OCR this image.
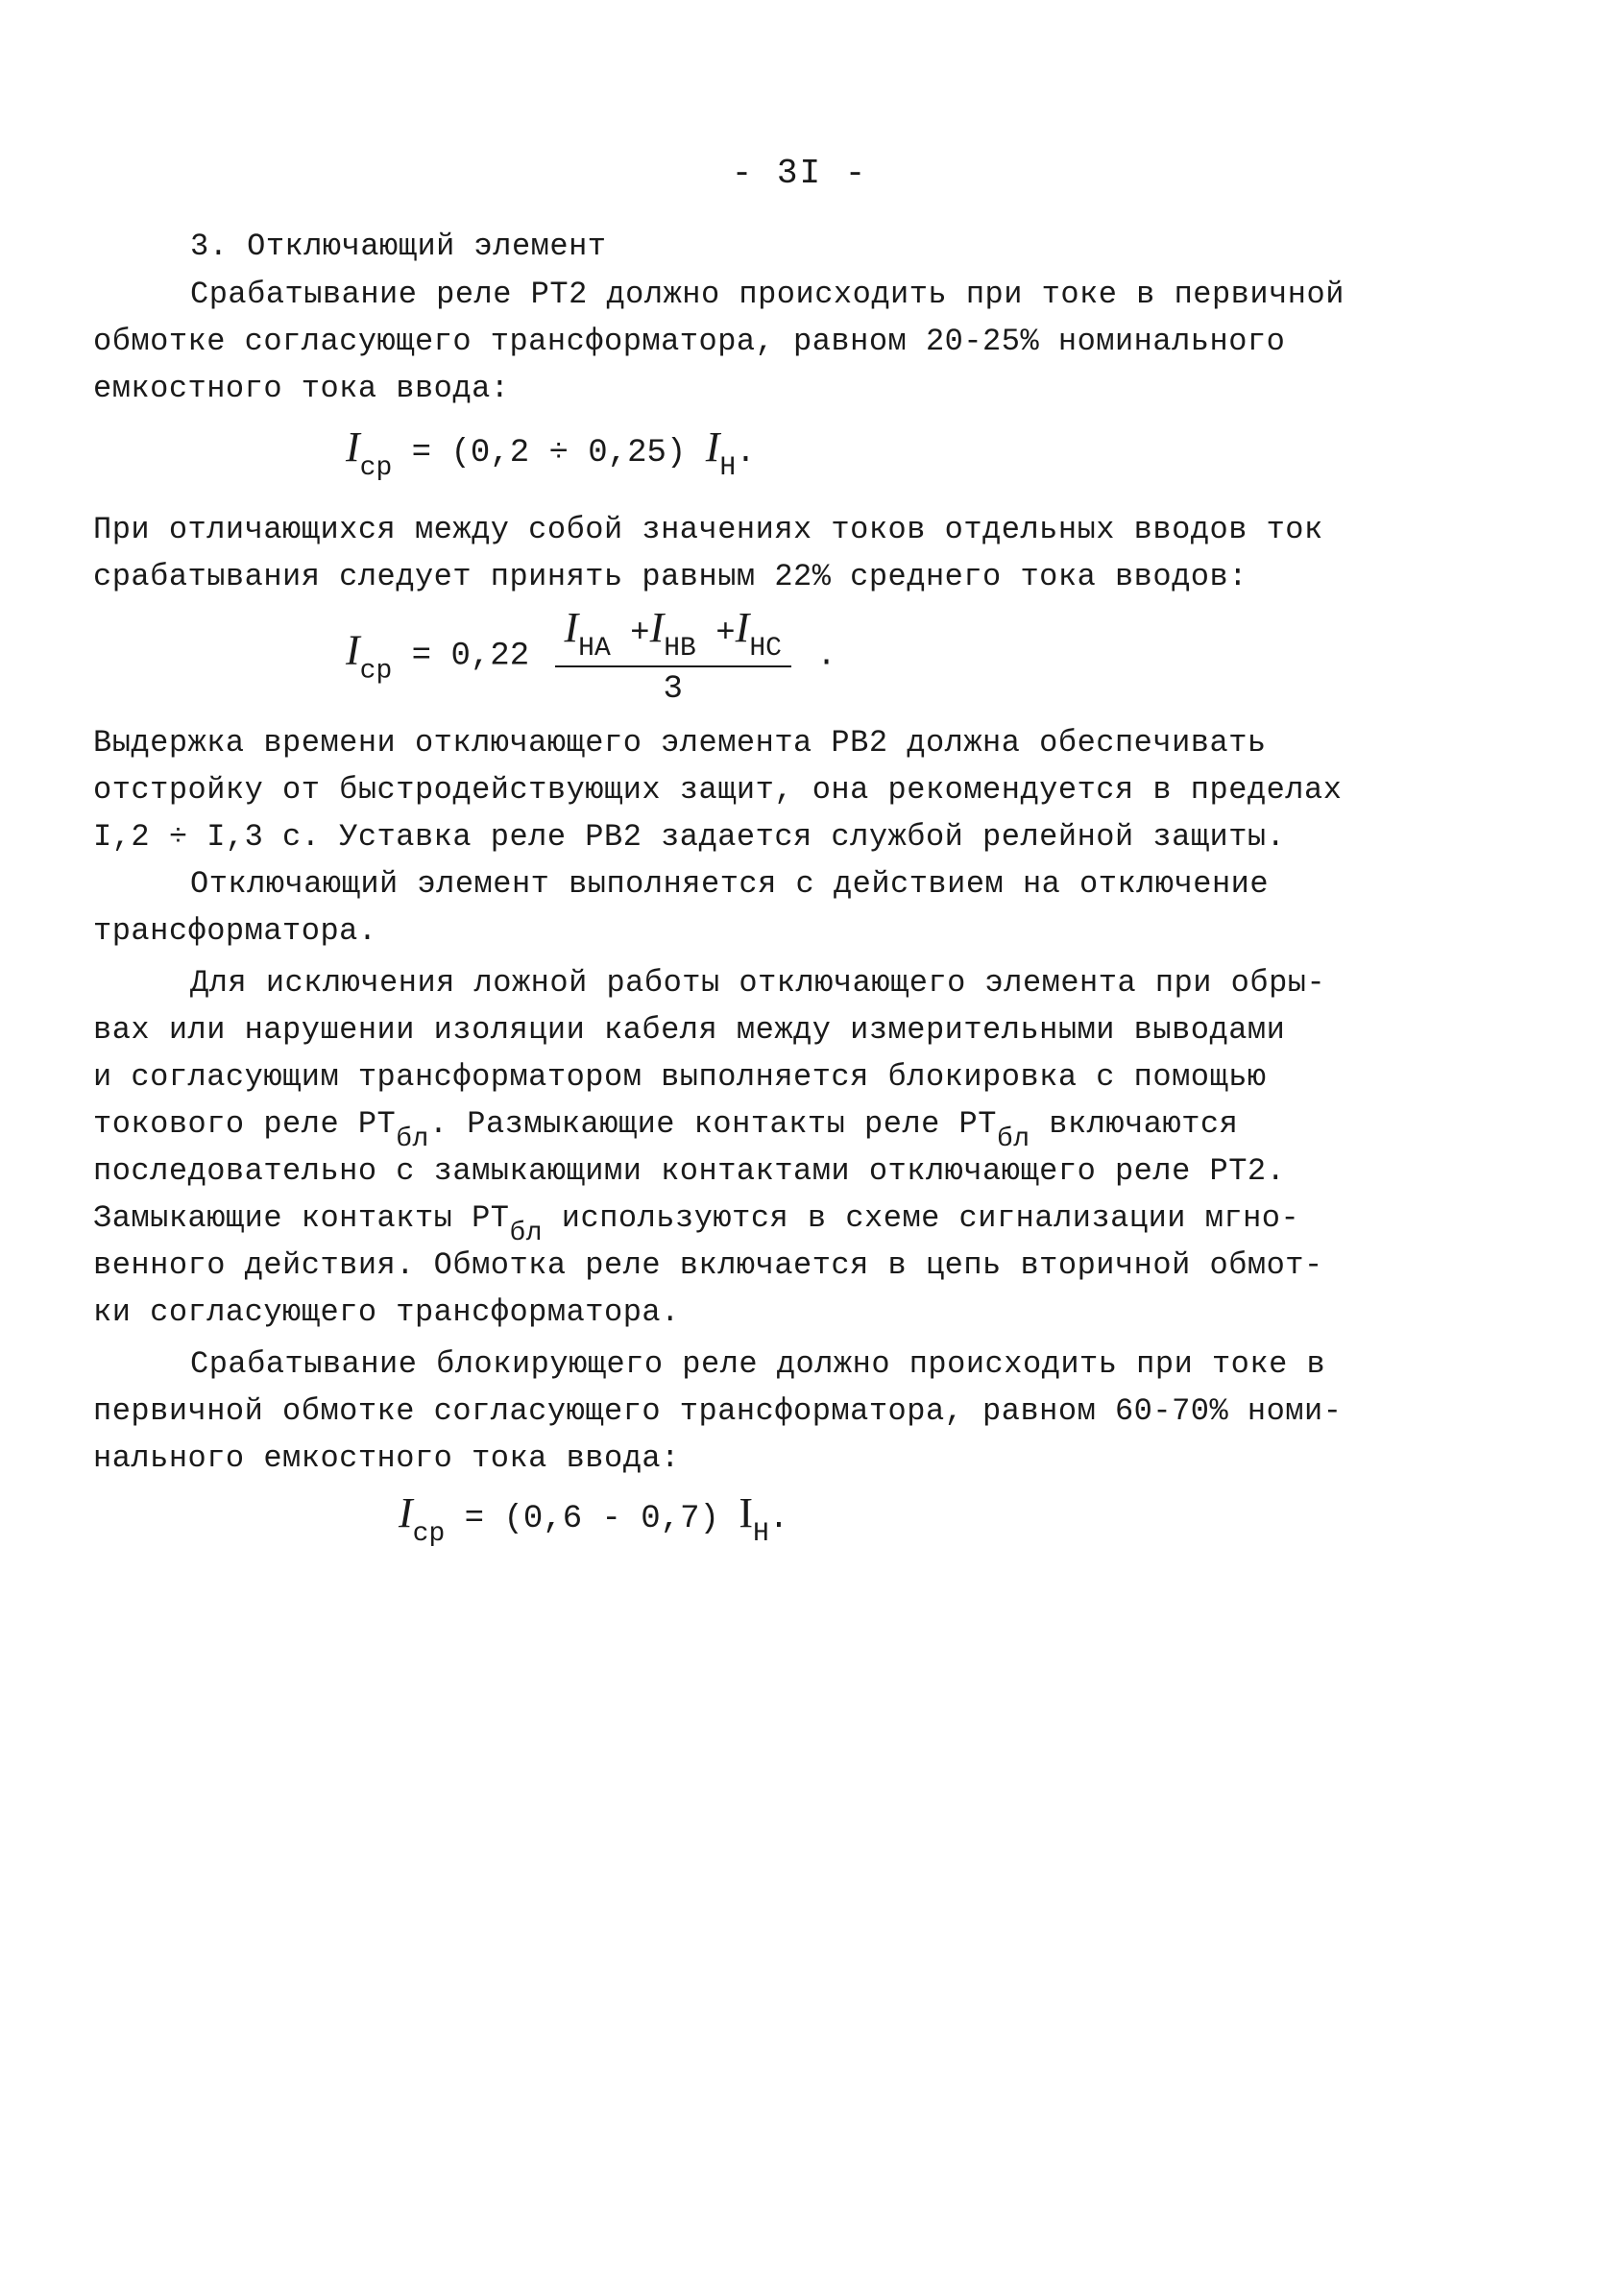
- 3I -
3. Отключающий элемент
Срабатывание реле РТ2 должно происходить при токе в первичной
обмотке согласующего трансформатора, равном 20-25% номинального
емкостного тока ввода:
$I_{ср} = (0,2 \div 0,25)$ $I_Н$.
При отличающихся между собой значениях токов отдельных вводов ток
срабатывания следует принять равным 22% среднего тока вводов:
$I_{ср} = 0,22 \frac{I_{НА} +I_{НВ} +I_{НС}}{3}$ .
Выдержка времени отключающего элемента РВ2 должна обеспечивать
отстройку от быстродействующих защит, она рекомендуется в пределах
I,2 ÷ I,3 с. Уставка реле РВ2 задается службой релейной защиты.
Отключающий элемент выполняется с действием на отключение
трансформатора.
Для исключения ложной работы отключающего элемента при обры-
вах или нарушении изоляции кабеля между измерительными выводами
и согласующим трансформатором выполняется блокировка с помощью
токового реле $РТ_{бл}$. Размыкающие контакты реле $РТ_{бл}$ включаются
последовательно с замыкающими контактами отключающего реле РТ2.
Замыкающие контакты $РТ_{бл}$ используются в схеме сигнализации мгно-
венного действия. Обмотка реле включается в цепь вторичной обмот-
ки согласующего трансформатора.
Срабатывание блокирующего реле должно происходить при токе в
первичной обмотке согласующего трансформатора, равном 60-70% номи-
нального емкостного тока ввода:
$I_{ср} = (0,6 - 0,7)$ $I_Н$.
